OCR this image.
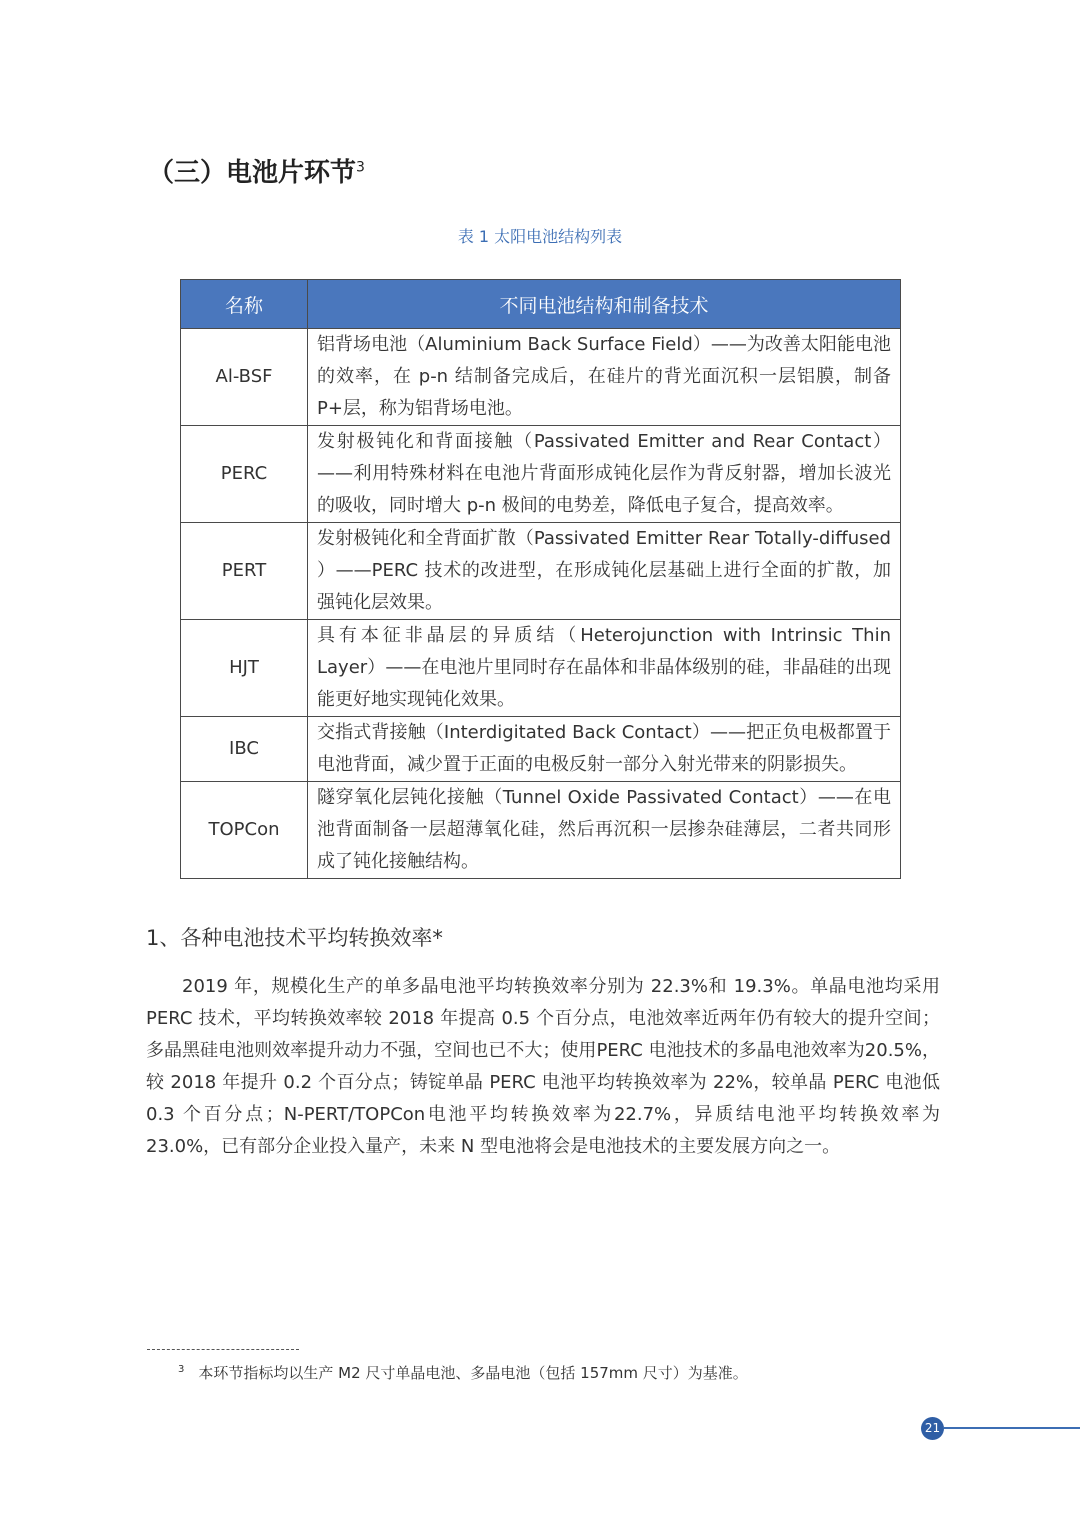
（三）电池片环节$^3$
表 1 太阳电池结构列表
名称	不同电池结构和制备技术
Al-BSF	铝背场电池（Aluminium Back Surface Field）——为改善太阳能电池的效率，在 p-n 结制备完成后，在硅片的背光面沉积一层铝膜，制备 P+层，称为铝背场电池。
PERC	发射极钝化和背面接触（Passivated Emitter and Rear Contact）——利用特殊材料在电池片背面形成钝化层作为背反射器，增加长波光的吸收，同时增大 p-n 极间的电势差，降低电子复合，提高效率。
PERT	发射极钝化和全背面扩散（Passivated Emitter Rear Totally-diffused ）——PERC 技术的改进型，在形成钝化层基础上进行全面的扩散，加强钝化层效果。
HJT	具有本征非晶层的异质结（Heterojunction with Intrinsic Thin Layer）——在电池片里同时存在晶体和非晶体级别的硅，非晶硅的出现能更好地实现钝化效果。
IBC	交指式背接触（Interdigitated Back Contact）——把正负电极都置于电池背面，减少置于正面的电极反射一部分入射光带来的阴影损失。
TOPCon	隧穿氧化层钝化接触（Tunnel Oxide Passivated Contact）——在电池背面制备一层超薄氧化硅，然后再沉积一层掺杂硅薄层，二者共同形成了钝化接触结构。
1、各种电池技术平均转换效率*

2019 年，规模化生产的单多晶电池平均转换效率分别为 22.3%和 19.3%。单晶电池均采用 PERC 技术，平均转换效率较 2018 年提高 0.5 个百分点，电池效率近两年仍有较大的提升空间；多晶黑硅电池则效率提升动力不强，空间也已不大；使用PERC 电池技术的多晶电池效率为20.5%，较 2018 年提升 0.2 个百分点；铸锭单晶 PERC 电池平均转换效率为 22%，较单晶 PERC 电池低 0.3 个百分点；N-PERT/TOPCon电池平均转换效率为22.7%，异质结电池平均转换效率为23.0%，已有部分企业投入量产，未来 N 型电池将会是电池技术的主要发展方向之一。

$^3$ 本环节指标均以生产 M2 尺寸单晶电池、多晶电池（包括 157mm 尺寸）为基准。
21
